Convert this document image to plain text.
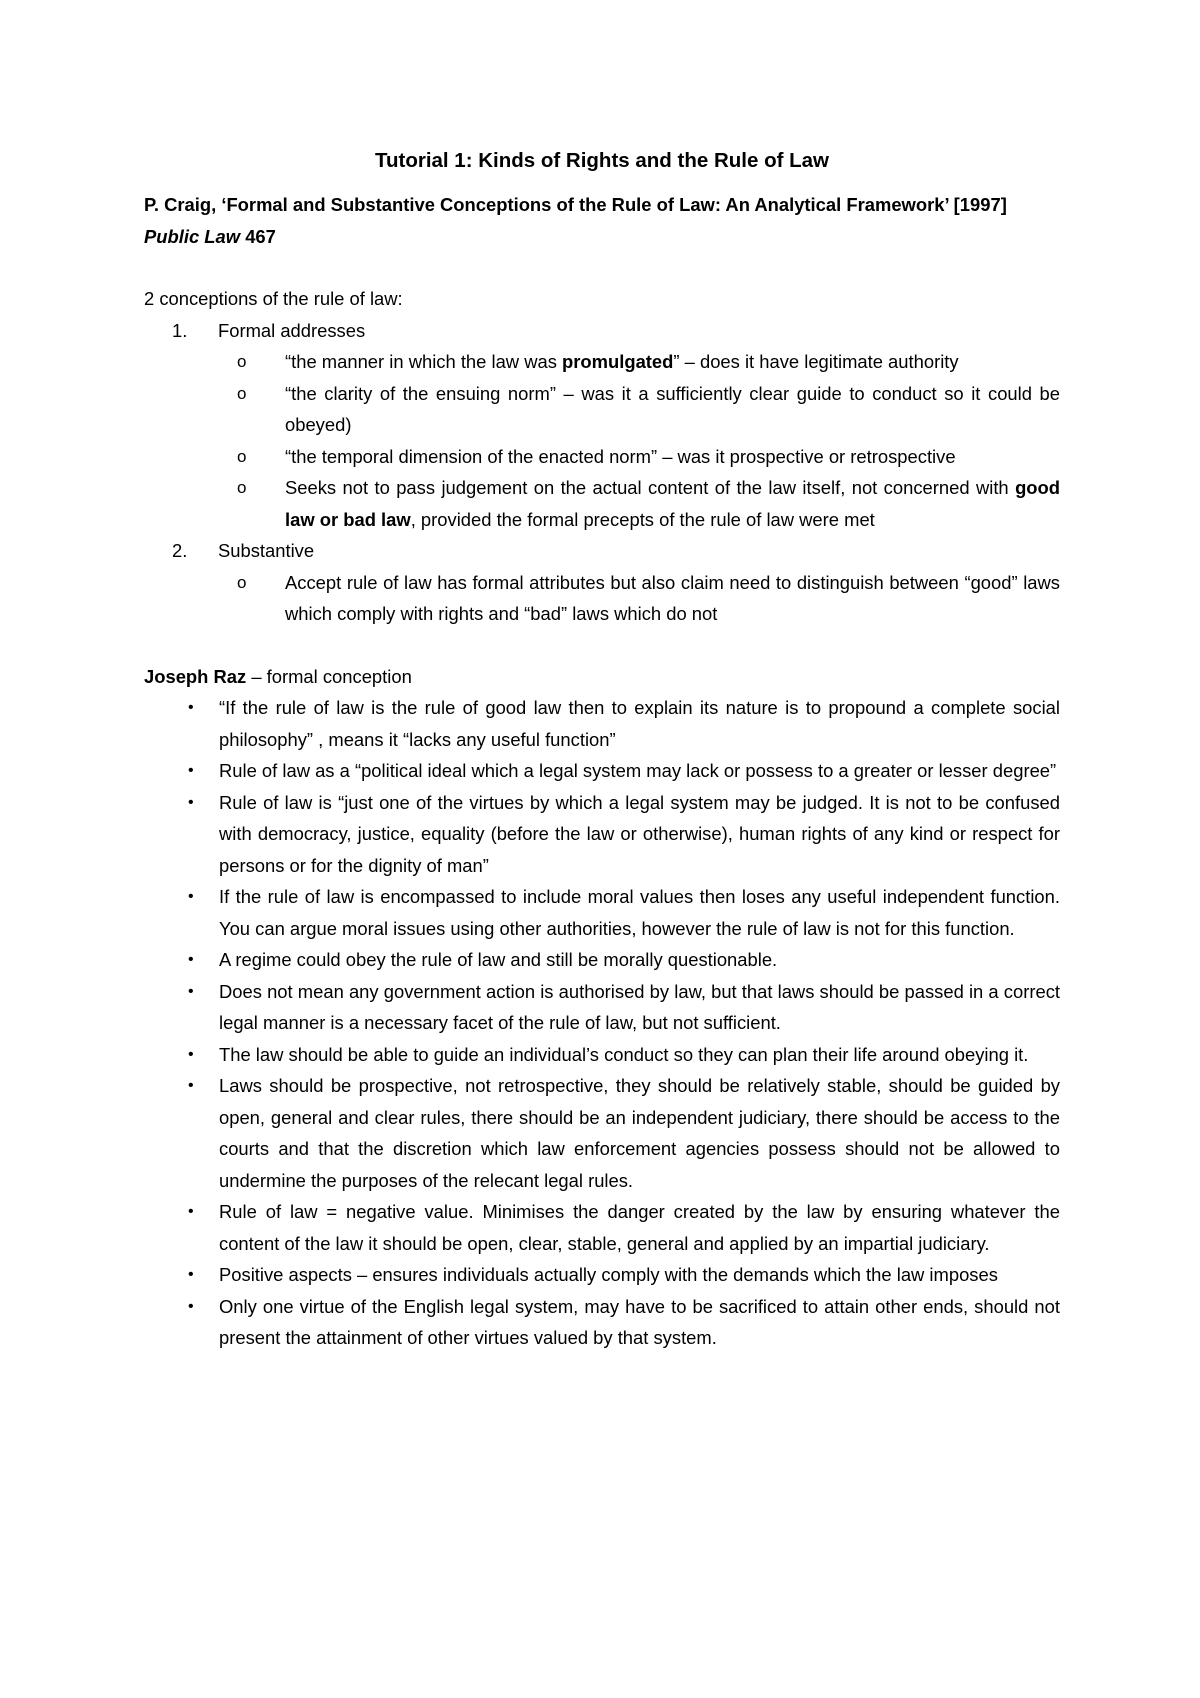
Tutorial 1: Kinds of Rights and the Rule of Law

P. Craig, ‘Formal and Substantive Conceptions of the Rule of Law: An Analytical Framework’ [1997] Public Law 467

2 conceptions of the rule of law:

1. Formal addresses
o “the manner in which the law was promulgated” – does it have legitimate authority
o “the clarity of the ensuing norm” – was it a sufficiently clear guide to conduct so it could be obeyed)
o “the temporal dimension of the enacted norm” – was it prospective or retrospective
o Seeks not to pass judgement on the actual content of the law itself, not concerned with good law or bad law, provided the formal precepts of the rule of law were met
2. Substantive
o Accept rule of law has formal attributes but also claim need to distinguish between “good” laws which comply with rights and “bad” laws which do not

Joseph Raz – formal conception

• “If the rule of law is the rule of good law then to explain its nature is to propound a complete social philosophy” , means it “lacks any useful function”
• Rule of law as a “political ideal which a legal system may lack or possess to a greater or lesser degree”
• Rule of law is “just one of the virtues by which a legal system may be judged. It is not to be confused with democracy, justice, equality (before the law or otherwise), human rights of any kind or respect for persons or for the dignity of man”
• If the rule of law is encompassed to include moral values then loses any useful independent function. You can argue moral issues using other authorities, however the rule of law is not for this function.
• A regime could obey the rule of law and still be morally questionable.
• Does not mean any government action is authorised by law, but that laws should be passed in a correct legal manner is a necessary facet of the rule of law, but not sufficient.
• The law should be able to guide an individual’s conduct so they can plan their life around obeying it.
• Laws should be prospective, not retrospective, they should be relatively stable, should be guided by open, general and clear rules, there should be an independent judiciary, there should be access to the courts and that the discretion which law enforcement agencies possess should not be allowed to undermine the purposes of the relecant legal rules.
• Rule of law = negative value. Minimises the danger created by the law by ensuring whatever the content of the law it should be open, clear, stable, general and applied by an impartial judiciary.
• Positive aspects – ensures individuals actually comply with the demands which the law imposes
• Only one virtue of the English legal system, may have to be sacrificed to attain other ends, should not present the attainment of other virtues valued by that system.
